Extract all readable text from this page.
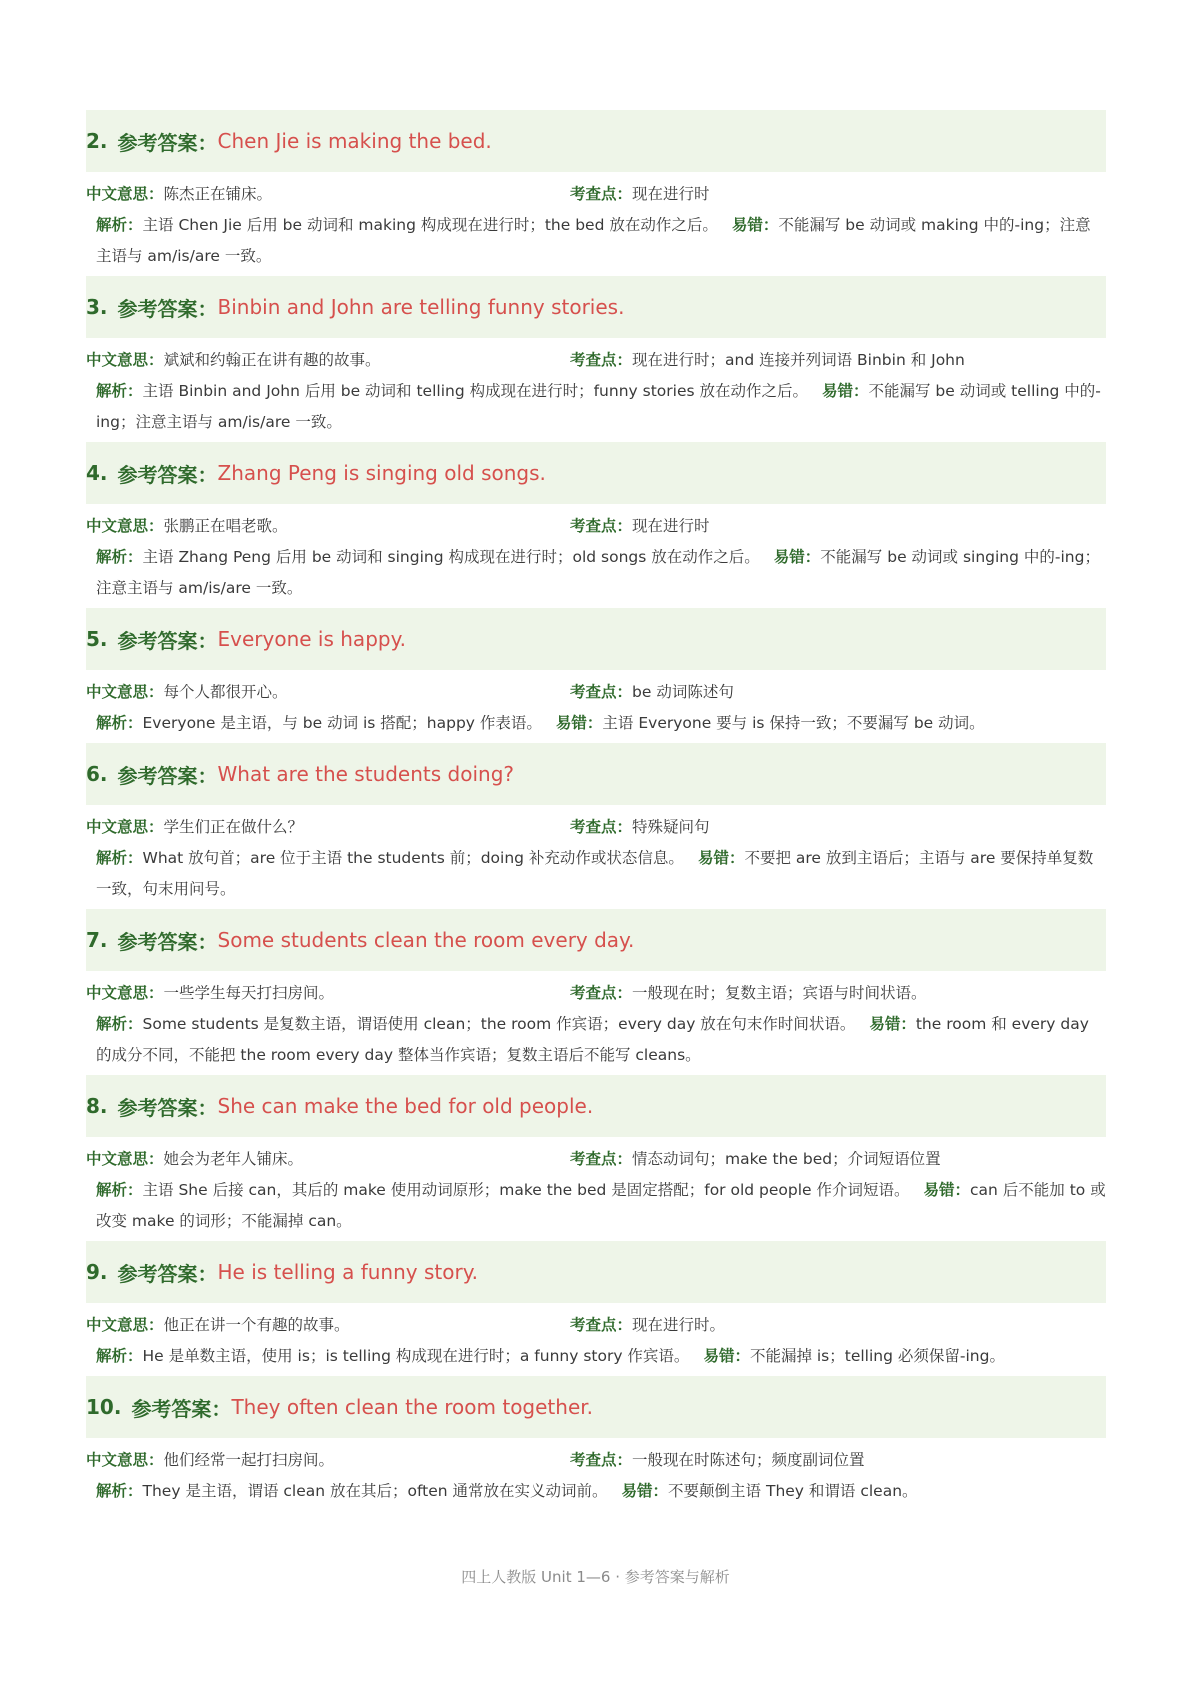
2. 参考答案： Chen Jie is making the bed.
中文意思：陈杰正在铺床。	考查点：现在进行时
解析：主语 Chen Jie 后用 be 动词和 making 构成现在进行时；the bed 放在动作之后。 易错：不能漏写 be 动词或 making 中的-ing；注意主语与 am/is/are 一致。
3. 参考答案： Binbin and John are telling funny stories.
中文意思：斌斌和约翰正在讲有趣的故事。	考查点：现在进行时；and 连接并列词语 Binbin 和 John
解析：主语 Binbin and John 后用 be 动词和 telling 构成现在进行时；funny stories 放在动作之后。 易错：不能漏写 be 动词或 telling 中的-ing；注意主语与 am/is/are 一致。
4. 参考答案： Zhang Peng is singing old songs.
中文意思：张鹏正在唱老歌。	考查点：现在进行时
解析：主语 Zhang Peng 后用 be 动词和 singing 构成现在进行时；old songs 放在动作之后。 易错：不能漏写 be 动词或 singing 中的-ing；注意主语与 am/is/are 一致。
5. 参考答案： Everyone is happy.
中文意思：每个人都很开心。	考查点：be 动词陈述句
解析：Everyone 是主语，与 be 动词 is 搭配；happy 作表语。 易错：主语 Everyone 要与 is 保持一致；不要漏写 be 动词。
6. 参考答案： What are the students doing?
中文意思：学生们正在做什么？	考查点：特殊疑问句
解析：What 放句首；are 位于主语 the students 前；doing 补充动作或状态信息。 易错：不要把 are 放到主语后；主语与 are 要保持单复数一致，句末用问号。
7. 参考答案： Some students clean the room every day.
中文意思：一些学生每天打扫房间。	考查点：一般现在时；复数主语；宾语与时间状语。
解析：Some students 是复数主语，谓语使用 clean；the room 作宾语；every day 放在句末作时间状语。 易错：the room 和 every day 的成分不同，不能把 the room every day 整体当作宾语；复数主语后不能写 cleans。
8. 参考答案： She can make the bed for old people.
中文意思：她会为老年人铺床。	考查点：情态动词句；make the bed；介词短语位置
解析：主语 She 后接 can，其后的 make 使用动词原形；make the bed 是固定搭配；for old people 作介词短语。 易错：can 后不能加 to 或改变 make 的词形；不能漏掉 can。
9. 参考答案： He is telling a funny story.
中文意思：他正在讲一个有趣的故事。	考查点：现在进行时。
解析：He 是单数主语，使用 is；is telling 构成现在进行时；a funny story 作宾语。 易错：不能漏掉 is；telling 必须保留-ing。
10. 参考答案： They often clean the room together.
中文意思：他们经常一起打扫房间。	考查点：一般现在时陈述句；频度副词位置
解析：They 是主语，谓语 clean 放在其后；often 通常放在实义动词前。 易错：不要颠倒主语 They 和谓语 clean。
四上人教版 Unit 1—6 · 参考答案与解析
